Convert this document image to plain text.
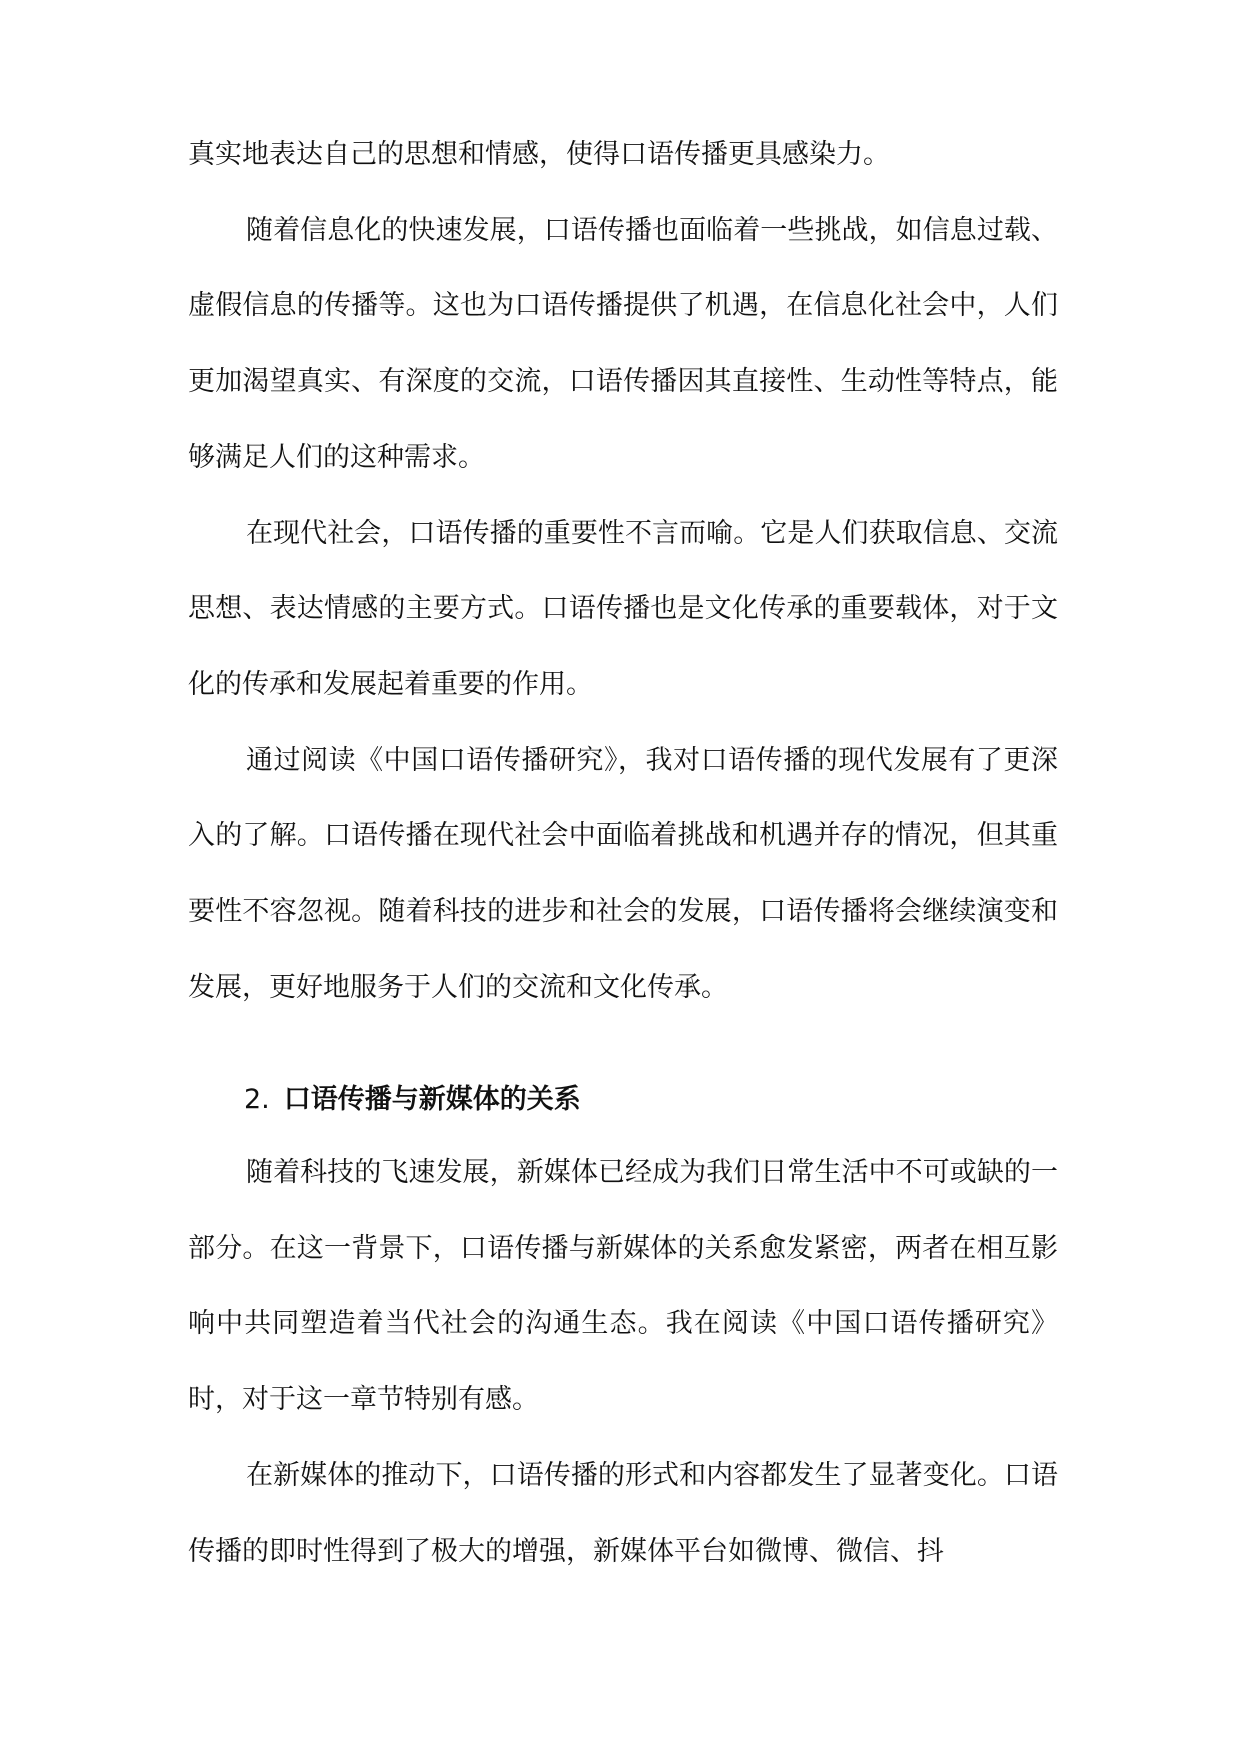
真实地表达自己的思想和情感，使得口语传播更具感染力。

随着信息化的快速发展，口语传播也面临着一些挑战，如信息过载、虚假信息的传播等。这也为口语传播提供了机遇，在信息化社会中，人们更加渴望真实、有深度的交流，口语传播因其直接性、生动性等特点，能够满足人们的这种需求。

在现代社会，口语传播的重要性不言而喻。它是人们获取信息、交流思想、表达情感的主要方式。口语传播也是文化传承的重要载体，对于文化的传承和发展起着重要的作用。

通过阅读《中国口语传播研究》，我对口语传播的现代发展有了更深入的了解。口语传播在现代社会中面临着挑战和机遇并存的情况，但其重要性不容忽视。随着科技的进步和社会的发展，口语传播将会继续演变和发展，更好地服务于人们的交流和文化传承。

2. 口语传播与新媒体的关系

随着科技的飞速发展，新媒体已经成为我们日常生活中不可或缺的一部分。在这一背景下，口语传播与新媒体的关系愈发紧密，两者在相互影响中共同塑造着当代社会的沟通生态。我在阅读《中国口语传播研究》时，对于这一章节特别有感。

在新媒体的推动下，口语传播的形式和内容都发生了显著变化。口语传播的即时性得到了极大的增强，新媒体平台如微博、微信、抖
